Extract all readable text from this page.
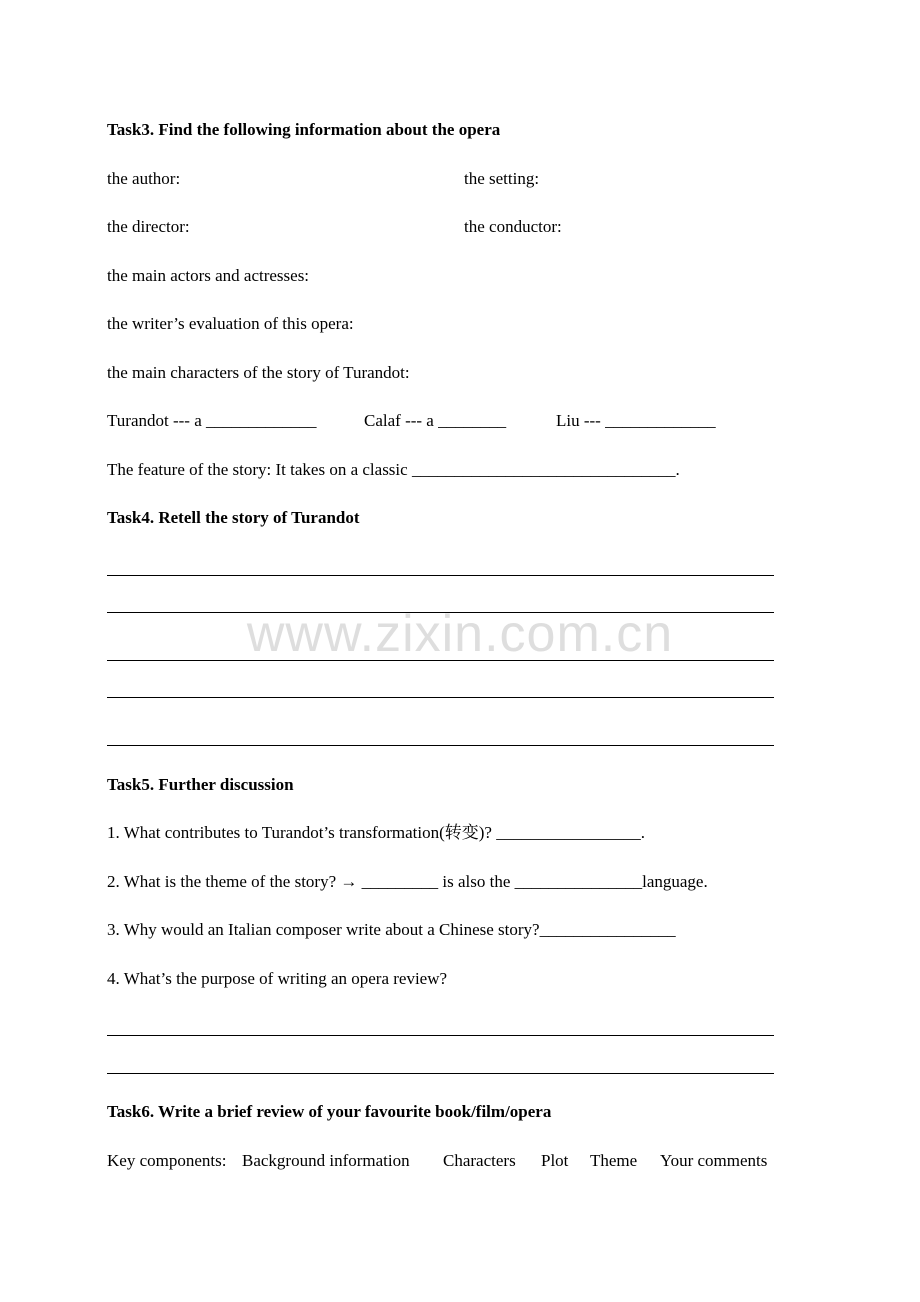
Task3. Find the following information about the opera
the author:	the setting:
the director:	the conductor:
the main actors and actresses:
the writer’s evaluation of this opera:
the main characters of the story of Turandot:
Turandot --- a _____________	Calaf --- a ________	Liu --- _____________
The feature of the story: It takes on a classic _______________________________.
Task4. Retell the story of Turandot
www.zixin.com.cn
Task5. Further discussion
1. What contributes to Turandot’s transformation(转变)? _________________.
2. What is the theme of the story? → _________ is also the _______________language.
3. Why would an Italian composer write about a Chinese story?________________
4. What’s the purpose of writing an opera review?
Task6. Write a brief review of your favourite book/film/opera
Key components: Background information Characters Plot Theme Your comments
